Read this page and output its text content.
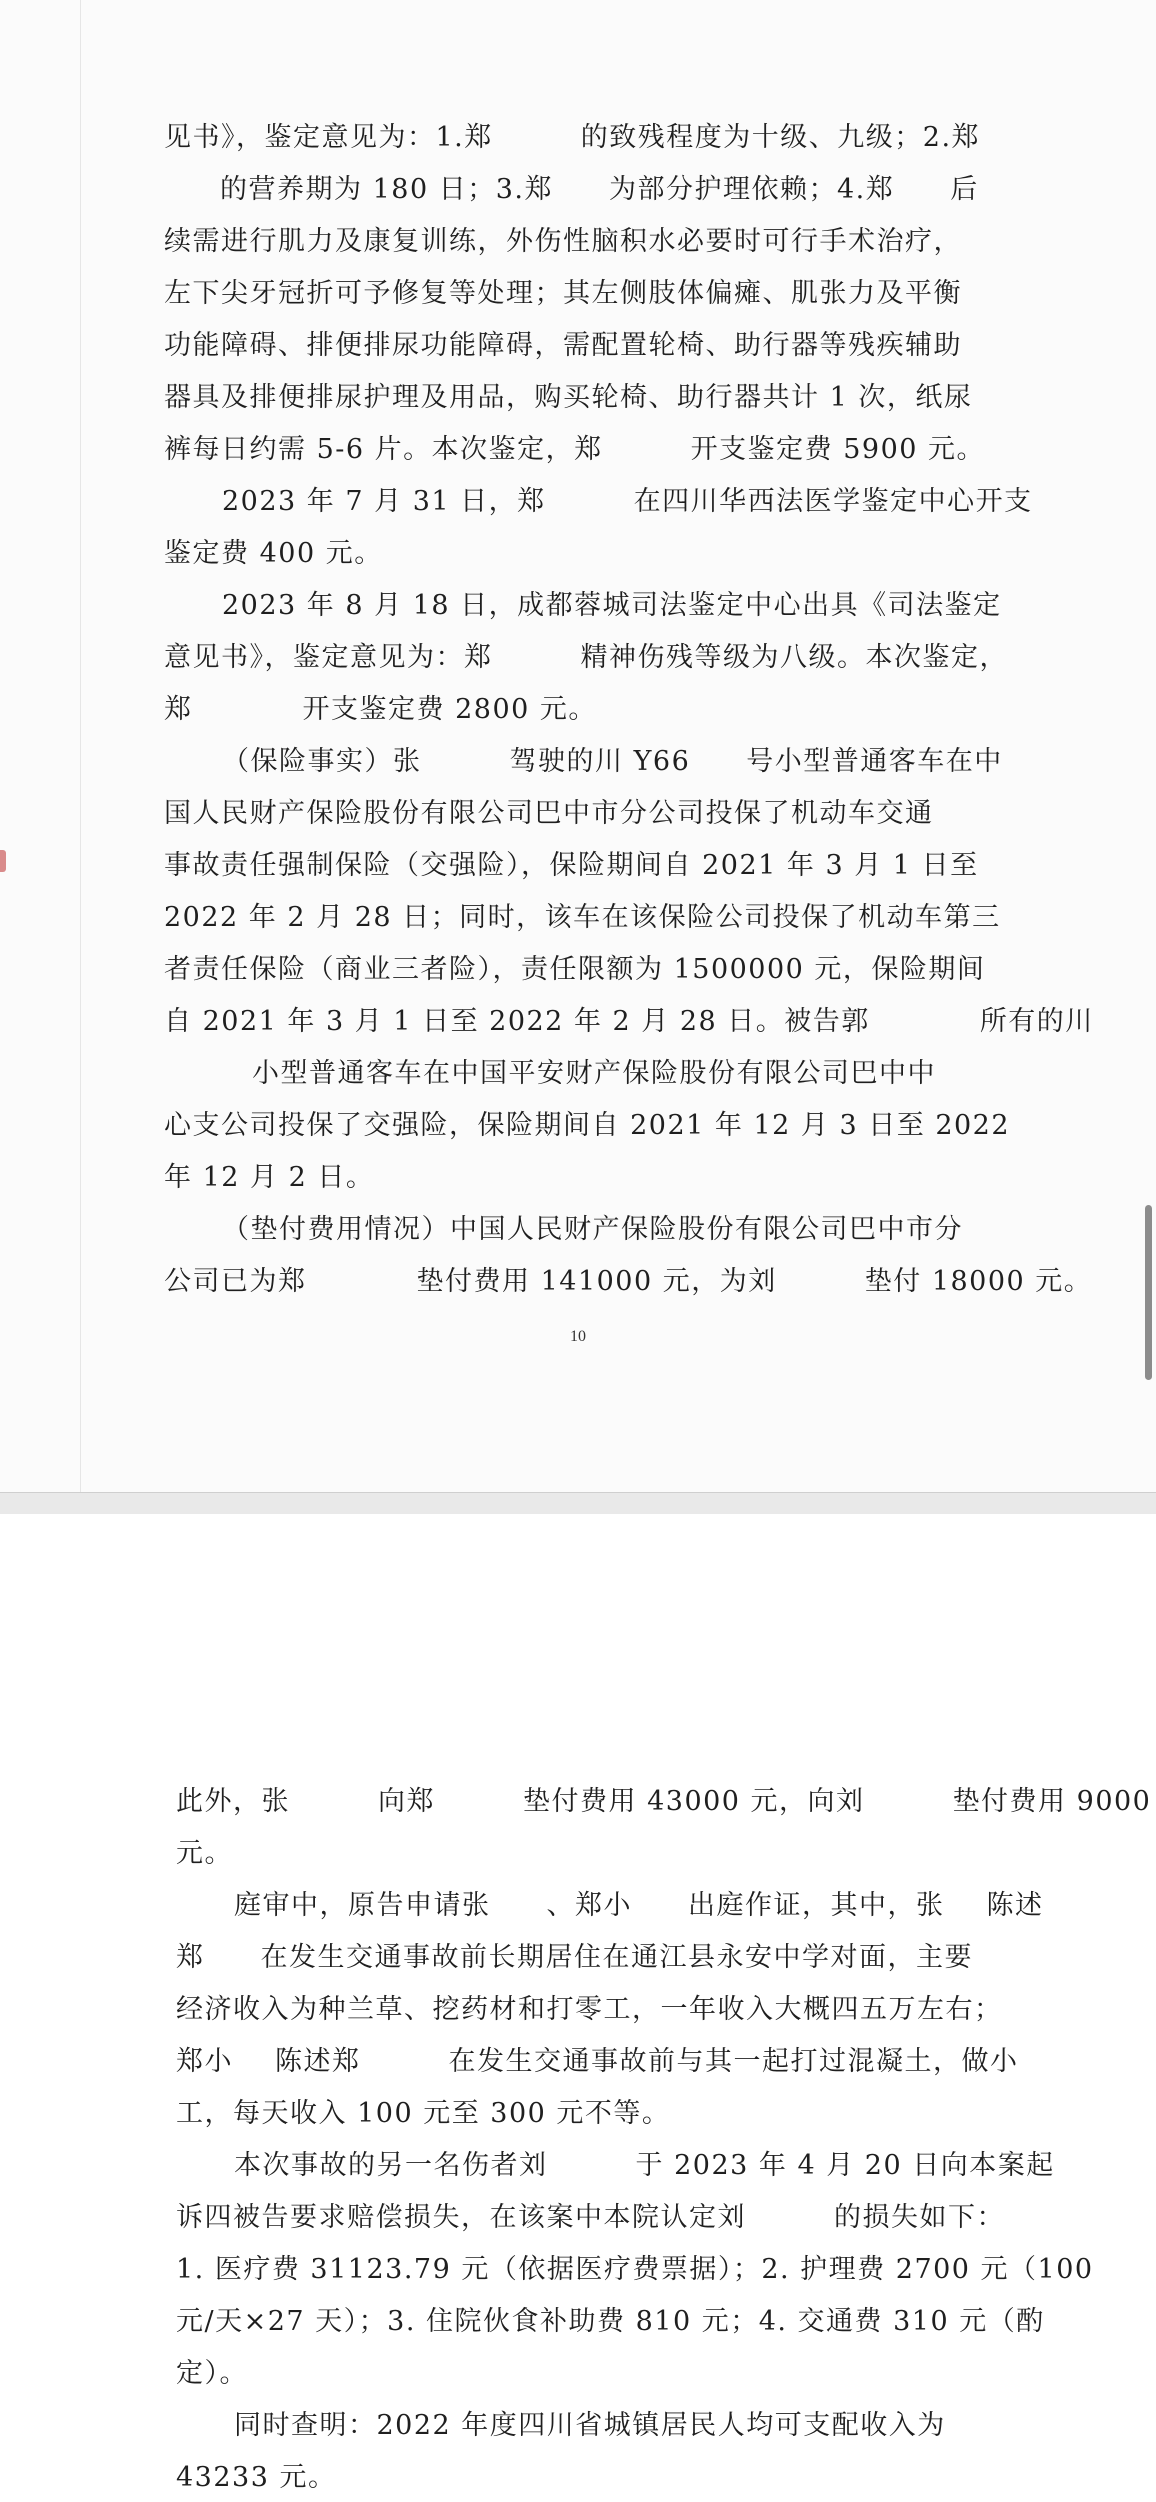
见书》，鉴定意见为：1.郑	的致残程度为十级、九级；2.郑
的营养期为 180 日；3.郑 为部分护理依赖；4.郑 后
续需进行肌力及康复训练，外伤性脑积水必要时可行手术治疗，
左下尖牙冠折可予修复等处理；其左侧肢体偏瘫、肌张力及平衡
功能障碍、排便排尿功能障碍，需配置轮椅、助行器等残疾辅助
器具及排便排尿护理及用品，购买轮椅、助行器共计 1 次，纸尿
裤每日约需 5-6 片。本次鉴定，郑	开支鉴定费 5900 元。
2023 年 7 月 31 日，郑	在四川华西法医学鉴定中心开支
鉴定费 400 元。
2023 年 8 月 18 日，成都蓉城司法鉴定中心出具《司法鉴定
意见书》，鉴定意见为：郑	精神伤残等级为八级。本次鉴定，
郑	开支鉴定费 2800 元。
（保险事实）张	驾驶的川 Y66 号小型普通客车在中
国人民财产保险股份有限公司巴中市分公司投保了机动车交通
事故责任强制保险（交强险），保险期间自 2021 年 3 月 1 日至
2022 年 2 月 28 日；同时，该车在该保险公司投保了机动车第三
者责任保险（商业三者险），责任限额为 1500000 元，保险期间
自 2021 年 3 月 1 日至 2022 年 2 月 28 日。被告郭	所有的川
小型普通客车在中国平安财产保险股份有限公司巴中中
心支公司投保了交强险，保险期间自 2021 年 12 月 3 日至 2022
年 12 月 2 日。
（垫付费用情况）中国人民财产保险股份有限公司巴中市分
公司已为郑	垫付费用 141000 元，为刘	垫付 18000 元。
10
此外，张	向郑	垫付费用 43000 元，向刘	垫付费用 9000
元。
庭审中，原告申请张 、郑小 出庭作证，其中，张 陈述
郑 在发生交通事故前长期居住在通江县永安中学对面，主要
经济收入为种兰草、挖药材和打零工，一年收入大概四五万左右；
郑小 陈述郑	在发生交通事故前与其一起打过混凝土，做小
工，每天收入 100 元至 300 元不等。
本次事故的另一名伤者刘	于 2023 年 4 月 20 日向本案起
诉四被告要求赔偿损失，在该案中本院认定刘	的损失如下：
1. 医疗费 31123.79 元（依据医疗费票据）；2. 护理费 2700 元（100
元/天×27 天）；3. 住院伙食补助费 810 元；4. 交通费 310 元（酌
定）。
同时查明：2022 年度四川省城镇居民人均可支配收入为
43233 元。
